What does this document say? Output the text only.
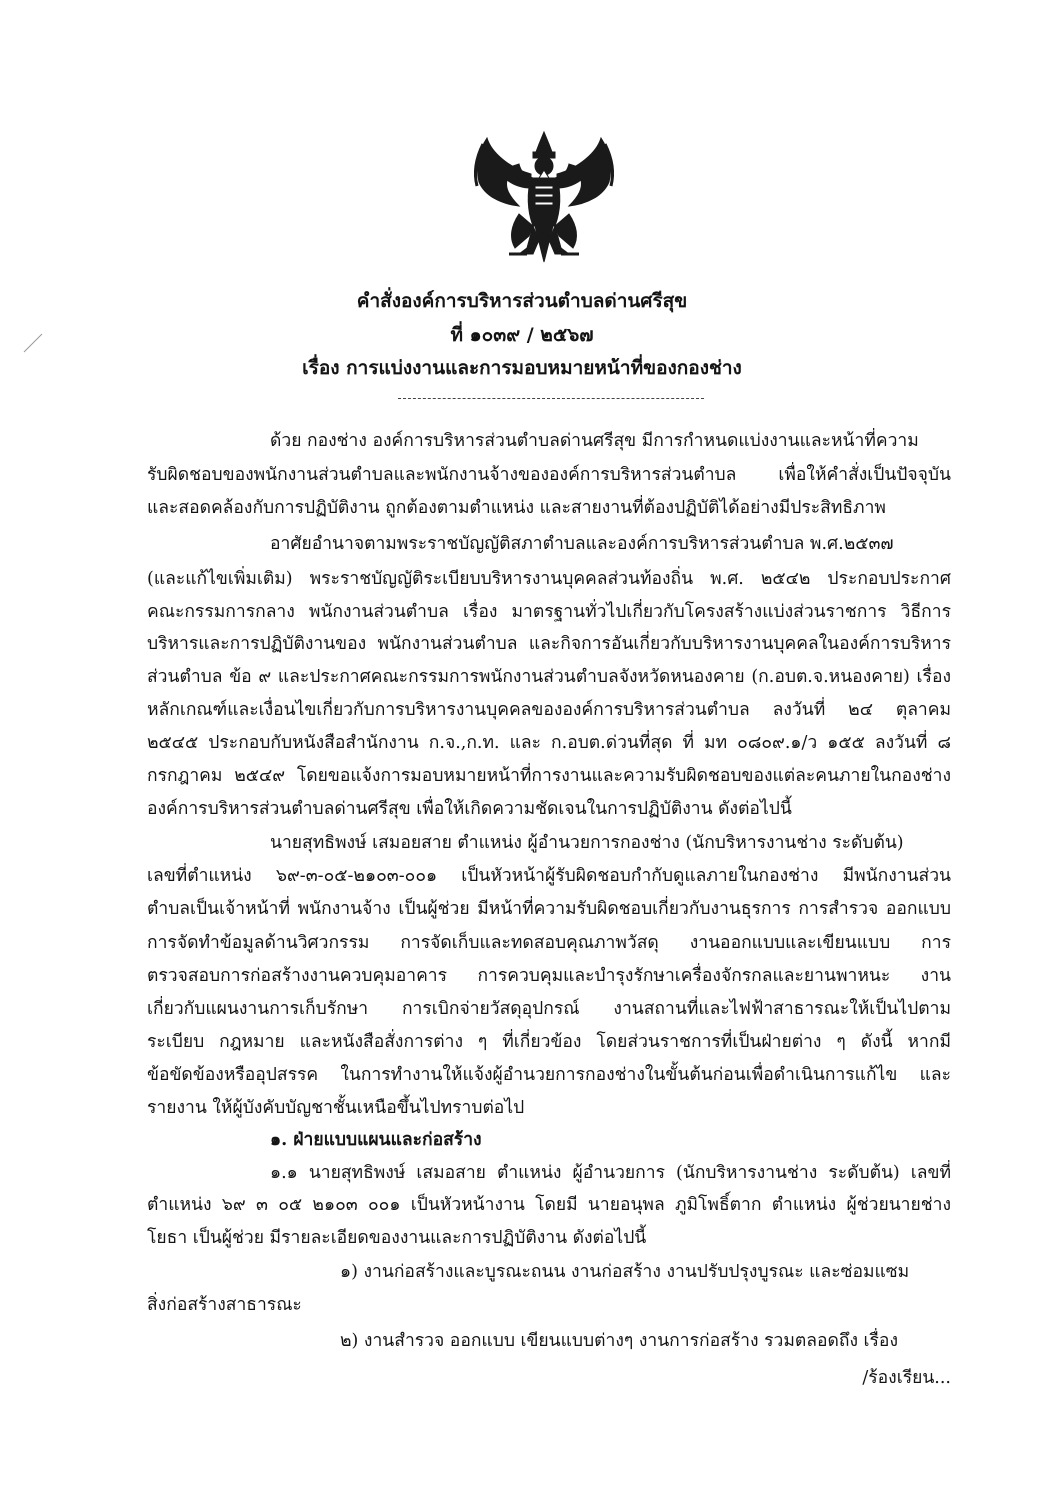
คำสั่งองค์การบริหารส่วนตำบลด่านศรีสุข
ที่ ๑๐๓๙ / ๒๕๖๗
เรื่อง การแบ่งงานและการมอบหมายหน้าที่ของกองช่าง
ด้วย กองช่าง องค์การบริหารส่วนตำบลด่านศรีสุข มีการกำหนดแบ่งงานและหน้าที่ความ
รับผิดชอบของพนักงานส่วนตำบลและพนักงานจ้างขององค์การบริหารส่วนตำบล เพื่อให้คำสั่งเป็นปัจจุบัน
และสอดคล้องกับการปฏิบัติงาน ถูกต้องตามตำแหน่ง และสายงานที่ต้องปฏิบัติได้อย่างมีประสิทธิภาพ
อาศัยอำนาจตามพระราชบัญญัติสภาตำบลและองค์การบริหารส่วนตำบล พ.ศ.๒๕๓๗
(และแก้ไขเพิ่มเติม) พระราชบัญญัติระเบียบบริหารงานบุคคลส่วนท้องถิ่น พ.ศ. ๒๕๔๒ ประกอบประกาศ
คณะกรรมการกลาง พนักงานส่วนตำบล เรื่อง มาตรฐานทั่วไปเกี่ยวกับโครงสร้างแบ่งส่วนราชการ วิธีการ
บริหารและการปฏิบัติงานของ พนักงานส่วนตำบล และกิจการอันเกี่ยวกับบริหารงานบุคคลในองค์การบริหาร
ส่วนตำบล ข้อ ๙ และประกาศคณะกรรมการพนักงานส่วนตำบลจังหวัดหนองคาย (ก.อบต.จ.หนองคาย) เรื่อง
หลักเกณฑ์และเงื่อนไขเกี่ยวกับการบริหารงานบุคคลขององค์การบริหารส่วนตำบล ลงวันที่ ๒๔ ตุลาคม
๒๕๔๕ ประกอบกับหนังสือสำนักงาน ก.จ.,ก.ท. และ ก.อบต.ด่วนที่สุด ที่ มท ๐๘๐๙.๑/ว ๑๕๕ ลงวันที่ ๘
กรกฎาคม ๒๕๔๙ โดยขอแจ้งการมอบหมายหน้าที่การงานและความรับผิดชอบของแต่ละคนภายในกองช่าง
องค์การบริหารส่วนตำบลด่านศรีสุข เพื่อให้เกิดความชัดเจนในการปฏิบัติงาน ดังต่อไปนี้
นายสุทธิพงษ์ เสมอยสาย ตำแหน่ง ผู้อำนวยการกองช่าง (นักบริหารงานช่าง ระดับต้น)
เลขที่ตำแหน่ง ๖๙-๓-๐๕-๒๑๐๓-๐๐๑ เป็นหัวหน้าผู้รับผิดชอบกำกับดูแลภายในกองช่าง มีพนักงานส่วน
ตำบลเป็นเจ้าหน้าที่ พนักงานจ้าง เป็นผู้ช่วย มีหน้าที่ความรับผิดชอบเกี่ยวกับงานธุรการ การสำรวจ ออกแบบ
การจัดทำข้อมูลด้านวิศวกรรม การจัดเก็บและทดสอบคุณภาพวัสดุ งานออกแบบและเขียนแบบ การ
ตรวจสอบการก่อสร้างงานควบคุมอาคาร การควบคุมและบำรุงรักษาเครื่องจักรกลและยานพาหนะ งาน
เกี่ยวกับแผนงานการเก็บรักษา การเบิกจ่ายวัสดุอุปกรณ์ งานสถานที่และไฟฟ้าสาธารณะให้เป็นไปตาม
ระเบียบ กฎหมาย และหนังสือสั่งการต่าง ๆ ที่เกี่ยวข้อง โดยส่วนราชการที่เป็นฝ่ายต่าง ๆ ดังนี้ หากมี
ข้อขัดข้องหรืออุปสรรค ในการทำงานให้แจ้งผู้อำนวยการกองช่างในขั้นต้นก่อนเพื่อดำเนินการแก้ไข และ
รายงาน ให้ผู้บังคับบัญชาชั้นเหนือขึ้นไปทราบต่อไป
๑. ฝ่ายแบบแผนและก่อสร้าง
๑.๑ นายสุทธิพงษ์ เสมอสาย ตำแหน่ง ผู้อำนวยการ (นักบริหารงานช่าง ระดับต้น) เลขที่
ตำแหน่ง ๖๙ ๓ ๐๕ ๒๑๐๓ ๐๐๑ เป็นหัวหน้างาน โดยมี นายอนุพล ภูมิโพธิ์ตาก ตำแหน่ง ผู้ช่วยนายช่าง
โยธา เป็นผู้ช่วย มีรายละเอียดของงานและการปฏิบัติงาน ดังต่อไปนี้
๑) งานก่อสร้างและบูรณะถนน งานก่อสร้าง งานปรับปรุงบูรณะ และซ่อมแซม
สิ่งก่อสร้างสาธารณะ
๒) งานสำรวจ ออกแบบ เขียนแบบต่างๆ งานการก่อสร้าง รวมตลอดถึง เรื่อง
/ร้องเรียน...
